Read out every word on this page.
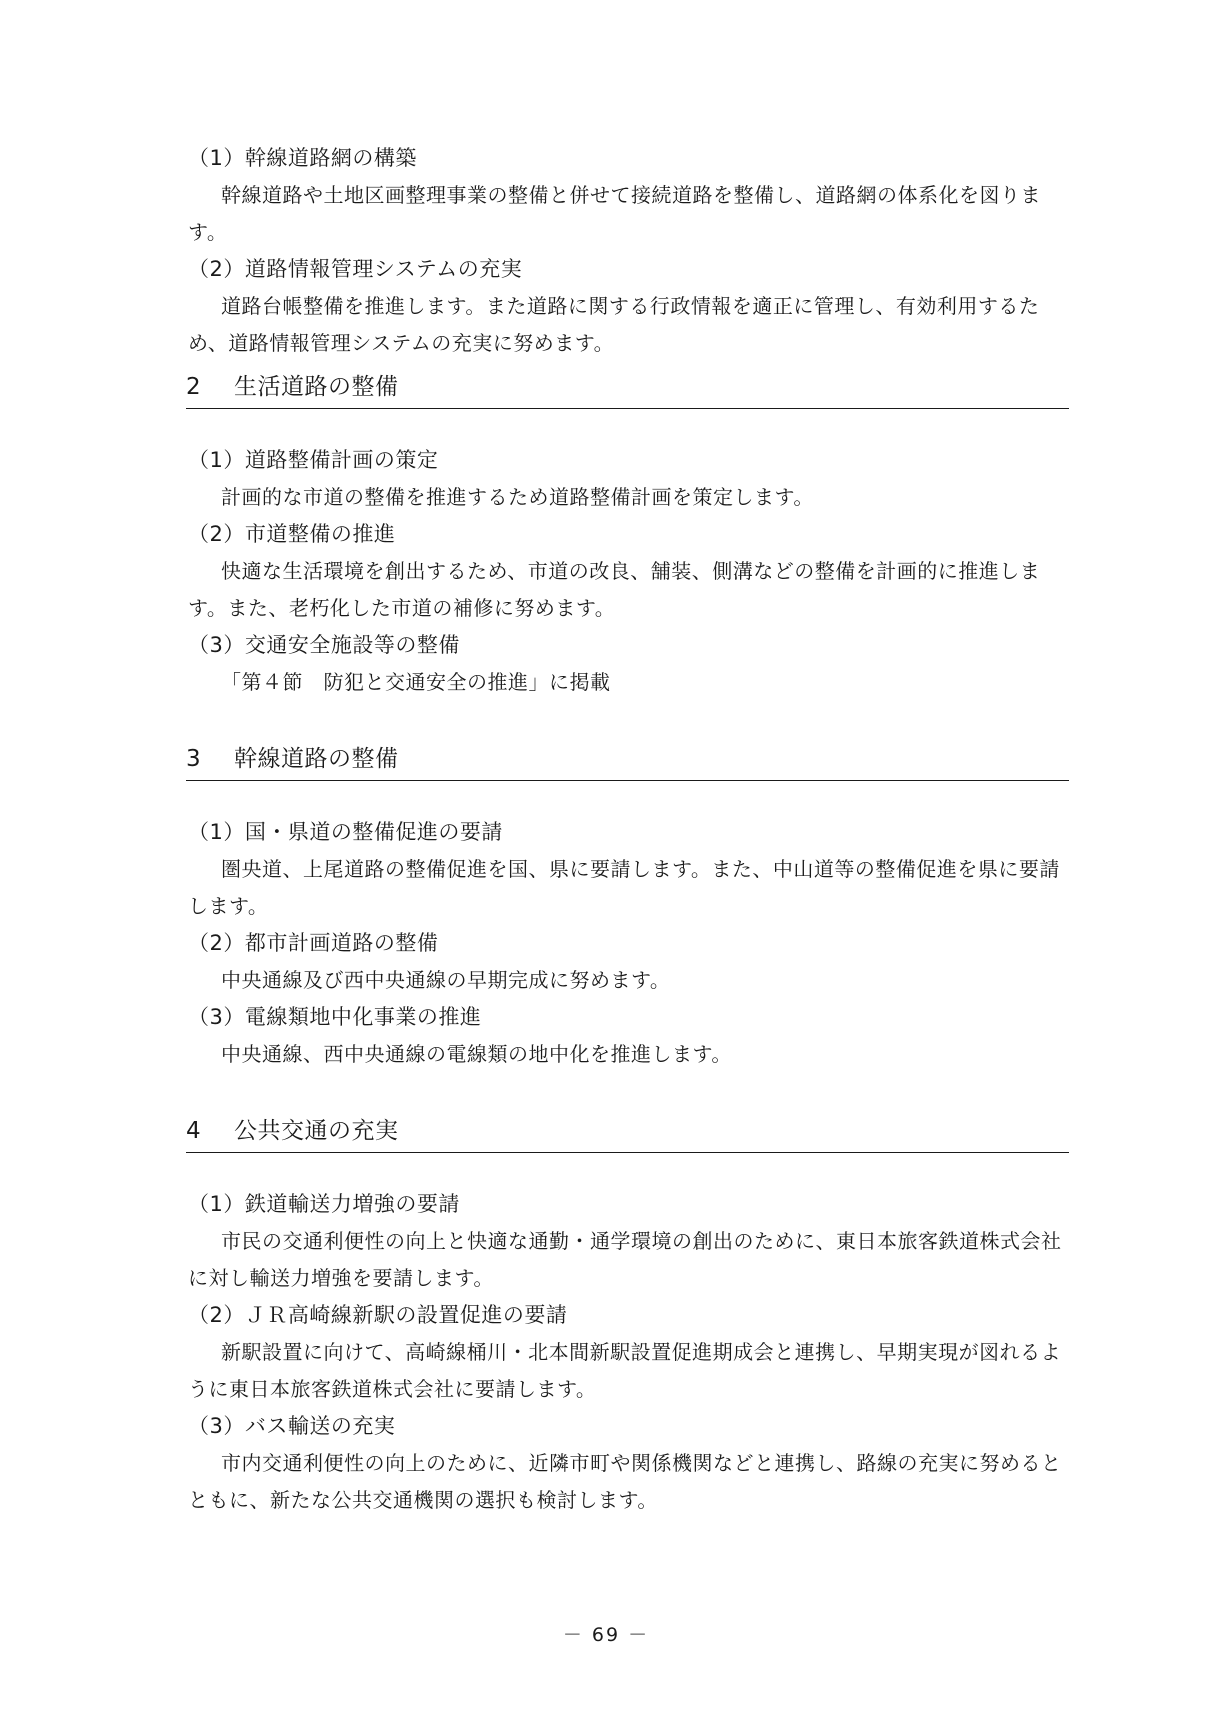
（1）幹線道路網の構築
幹線道路や土地区画整理事業の整備と併せて接続道路を整備し、道路網の体系化を図ります。
（2）道路情報管理システムの充実
道路台帳整備を推進します。また道路に関する行政情報を適正に管理し、有効利用するため、道路情報管理システムの充実に努めます。
2 生活道路の整備
（1）道路整備計画の策定
計画的な市道の整備を推進するため道路整備計画を策定します。
（2）市道整備の推進
快適な生活環境を創出するため、市道の改良、舗装、側溝などの整備を計画的に推進します。また、老朽化した市道の補修に努めます。
（3）交通安全施設等の整備
「第４節　防犯と交通安全の推進」に掲載
3 幹線道路の整備
（1）国・県道の整備促進の要請
圏央道、上尾道路の整備促進を国、県に要請します。また、中山道等の整備促進を県に要請します。
（2）都市計画道路の整備
中央通線及び西中央通線の早期完成に努めます。
（3）電線類地中化事業の推進
中央通線、西中央通線の電線類の地中化を推進します。
4 公共交通の充実
（1）鉄道輸送力増強の要請
市民の交通利便性の向上と快適な通勤・通学環境の創出のために、東日本旅客鉄道株式会社に対し輸送力増強を要請します。
（2）ＪＲ高崎線新駅の設置促進の要請
新駅設置に向けて、高崎線桶川・北本間新駅設置促進期成会と連携し、早期実現が図れるように東日本旅客鉄道株式会社に要請します。
（3）バス輸送の充実
市内交通利便性の向上のために、近隣市町や関係機関などと連携し、路線の充実に努めるとともに、新たな公共交通機関の選択も検討します。
－ 69 －
